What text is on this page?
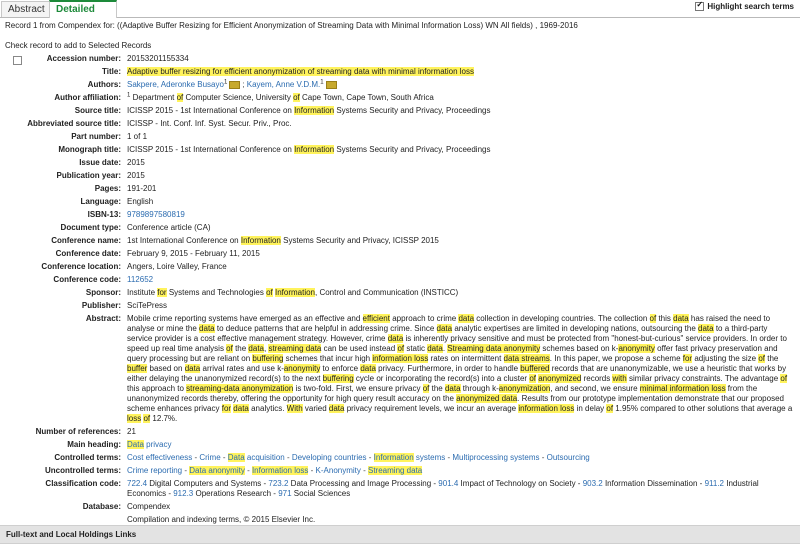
Abstract	Detailed
✓	Highlight search terms
Record 1 from Compendex for: ((Adaptive Buffer Resizing for Efficient Anonymization of Streaming Data with Minimal Information Loss) WN All fields) , 1969-2016
Check record to add to Selected Records
Accession number: 20153201155334
Title: Adaptive buffer resizing for efficient anonymization of streaming data with minimal information loss
Authors: Sakpere, Aderonke Busayo$^1$ ; Kayem, Anne V.D.M.$^1$
Author affiliation:	$^1$ Department of Computer Science, University of Cape Town, Cape Town, South Africa
Source title: ICISSP 2015 - 1st International Conference on Information Systems Security and Privacy, Proceedings
Abbreviated source title: ICISSP - Int. Conf. Inf. Syst. Secur. Priv., Proc.
Part number: 1 of 1
Monograph title: ICISSP 2015 - 1st International Conference on Information Systems Security and Privacy, Proceedings
Issue date: 2015
Publication year: 2015
Pages: 191-201
Language: English
ISBN-13: 9789897580819
Document type: Conference article (CA)
Conference name: 1st International Conference on Information Systems Security and Privacy, ICISSP 2015
Conference date: February 9, 2015 - February 11, 2015
Conference location: Angers, Loire Valley, France
Conference code: 112652
Sponsor: Institute for Systems and Technologies of Information, Control and Communication (INSTICC)
Publisher: SciTePress
Abstract: Mobile crime reporting systems have emerged as an effective and efficient approach to crime data collection in developing countries. The collection of this data has raised the need to analyse or mine the data to deduce patterns that are helpful in addressing crime. Since data analytic expertises are limited in developing nations, outsourcing the data to a third-party service provider is a cost effective management strategy. However, crime data is inherently privacy sensitive and must be protected from "honest-but-curious" service providers. In order to speed up real time analysis of the data, streaming data can be used instead of static data. Streaming data anonymity schemes based on k-anonymity offer fast privacy preservation and query processing but are reliant on buffering schemes that incur high information loss rates on intermittent data streams. In this paper, we propose a scheme for adjusting the size of the buffer based on data arrival rates and use k-anonymity to enforce data privacy. Furthermore, in order to handle buffered records that are unanonymizable, we use a heuristic that works by either delaying the unanonymized record(s) to the next buffering cycle or incorporating the record(s) into a cluster of anonymized records with similar privacy constraints. The advantage of this approach to streaming-data anonymization is two-fold. First, we ensure privacy of the data through k-anonymization, and second, we ensure minimal information loss from the unanonymized records thereby, offering the opportunity for high query result accuracy on the anonymized data. Results from our prototype implementation demonstrate that our proposed scheme enhances privacy for data analytics. With varied data privacy requirement levels, we incur an average information loss in delay of 1.95% compared to other solutions that average a loss of 12.7%.
Number of references: 21
Main heading: Data privacy
Controlled terms: Cost effectiveness - Crime - Data acquisition - Developing countries - Information systems - Multiprocessing systems - Outsourcing
Uncontrolled terms: Crime reporting - Data anonymity - Information loss - K-Anonymity - Streaming data
Classification code: 722.4 Digital Computers and Systems - 723.2 Data Processing and Image Processing - 901.4 Impact of Technology on Society - 903.2 Information Dissemination - 911.2 Industrial Economics - 912.3 Operations Research - 971 Social Sciences
Database: Compendex
Compilation and indexing terms, © 2015 Elsevier Inc.
Full-text and Local Holdings Links
